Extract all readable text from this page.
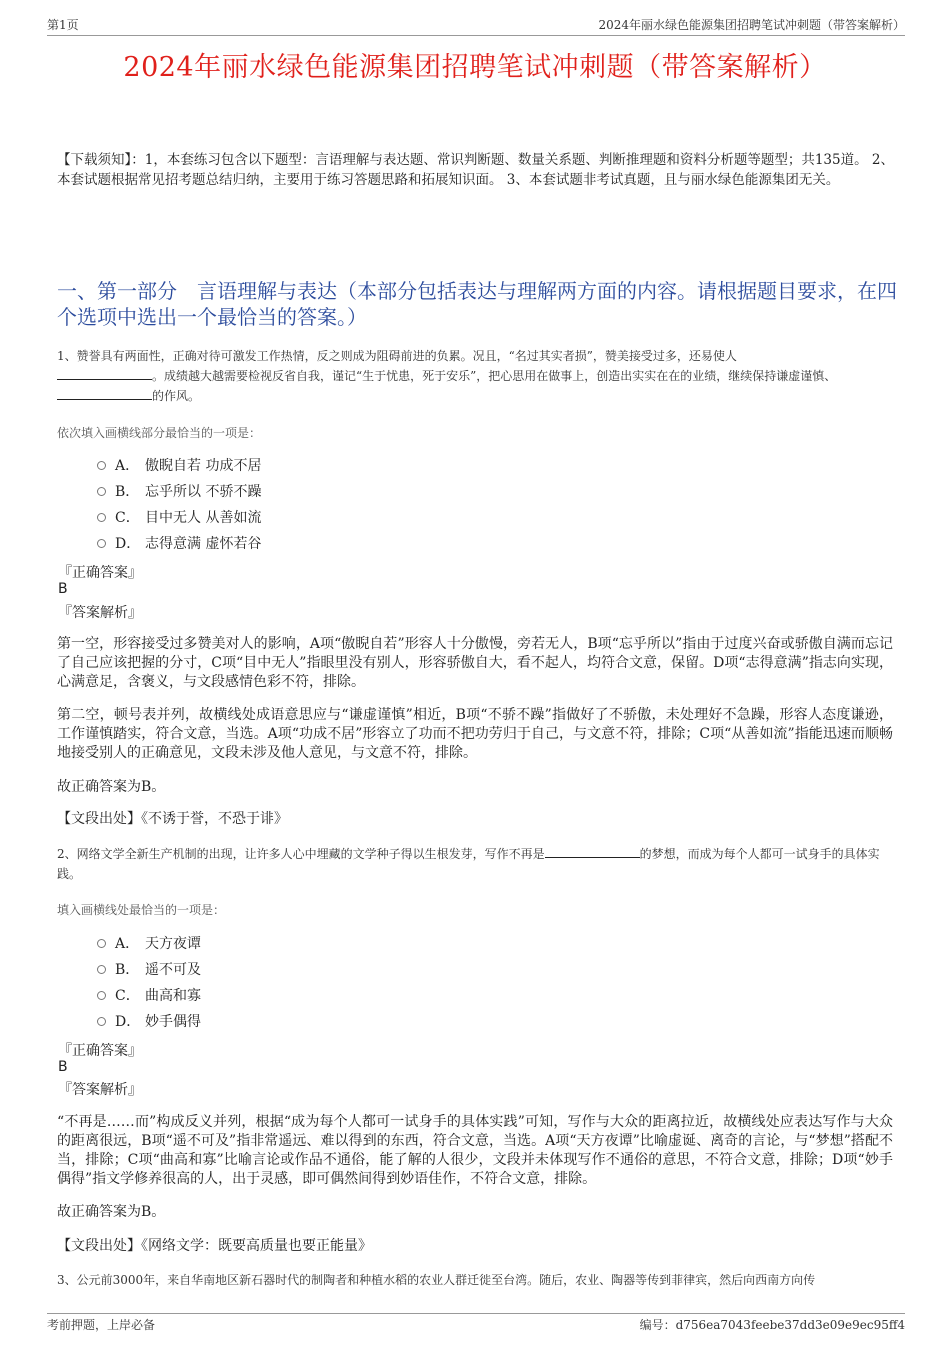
第1页	2024年丽水绿色能源集团招聘笔试冲刺题（带答案解析）
2024年丽水绿色能源集团招聘笔试冲刺题（带答案解析）
【下载须知】：1，本套练习包含以下题型：言语理解与表达题、常识判断题、数量关系题、判断推理题和资料分析题等题型；共135道。 2、本套试题根据常见招考题总结归纳，主要用于练习答题思路和拓展知识面。 3、本套试题非考试真题，且与丽水绿色能源集团无关。
一、第一部分　言语理解与表达（本部分包括表达与理解两方面的内容。请根据题目要求，在四个选项中选出一个最恰当的答案。）
1、赞誉具有两面性，正确对待可激发工作热情，反之则成为阻碍前进的负累。况且，“名过其实者损”，赞美接受过多，还易使人
。成绩越大越需要检视反省自我，谨记“生于忧患，死于安乐”，把心思用在做事上，创造出实实在在的业绩，继续保持谦虚谨慎、
的作风。
依次填入画横线部分最恰当的一项是：
A． 傲睨自若 功成不居
B． 忘乎所以 不骄不躁
C． 目中无人 从善如流
D． 志得意满 虚怀若谷
『正确答案』
B
『答案解析』
第一空，形容接受过多赞美对人的影响，A项“傲睨自若”形容人十分傲慢，旁若无人，B项“忘乎所以”指由于过度兴奋或骄傲自满而忘记了自己应该把握的分寸，C项“目中无人”指眼里没有别人，形容骄傲自大，看不起人，均符合文意，保留。D项“志得意满”指志向实现，心满意足，含褒义，与文段感情色彩不符，排除。
第二空，顿号表并列，故横线处成语意思应与“谦虚谨慎”相近，B项“不骄不躁”指做好了不骄傲，未处理好不急躁，形容人态度谦逊，工作谨慎踏实，符合文意，当选。A项“功成不居”形容立了功而不把功劳归于自己，与文意不符，排除；C项“从善如流”指能迅速而顺畅地接受别人的正确意见，文段未涉及他人意见，与文意不符，排除。
故正确答案为B。
【文段出处】《不诱于誉，不恐于诽》
2、网络文学全新生产机制的出现，让许多人心中埋藏的文学种子得以生根发芽，写作不再是	的梦想，而成为每个人都可一试身手的具体实践。
填入画横线处最恰当的一项是：
A． 天方夜谭
B． 遥不可及
C． 曲高和寡
D． 妙手偶得
『正确答案』
B
『答案解析』
“不再是……而”构成反义并列，根据“成为每个人都可一试身手的具体实践”可知，写作与大众的距离拉近，故横线处应表达写作与大众的距离很远，B项“遥不可及”指非常遥远、难以得到的东西，符合文意，当选。A项“天方夜谭”比喻虚诞、离奇的言论，与“梦想”搭配不当，排除；C项“曲高和寡”比喻言论或作品不通俗，能了解的人很少，文段并未体现写作不通俗的意思，不符合文意，排除；D项“妙手偶得”指文学修养很高的人，出于灵感，即可偶然间得到妙语佳作，不符合文意，排除。
故正确答案为B。
【文段出处】《网络文学：既要高质量也要正能量》
3、公元前3000年，来自华南地区新石器时代的制陶者和种植水稻的农业人群迁徙至台湾。随后，农业、陶器等传到菲律宾，然后向西南方向传
考前押题，上岸必备	编号：d756ea7043feebe37dd3e09e9ec95ff4
